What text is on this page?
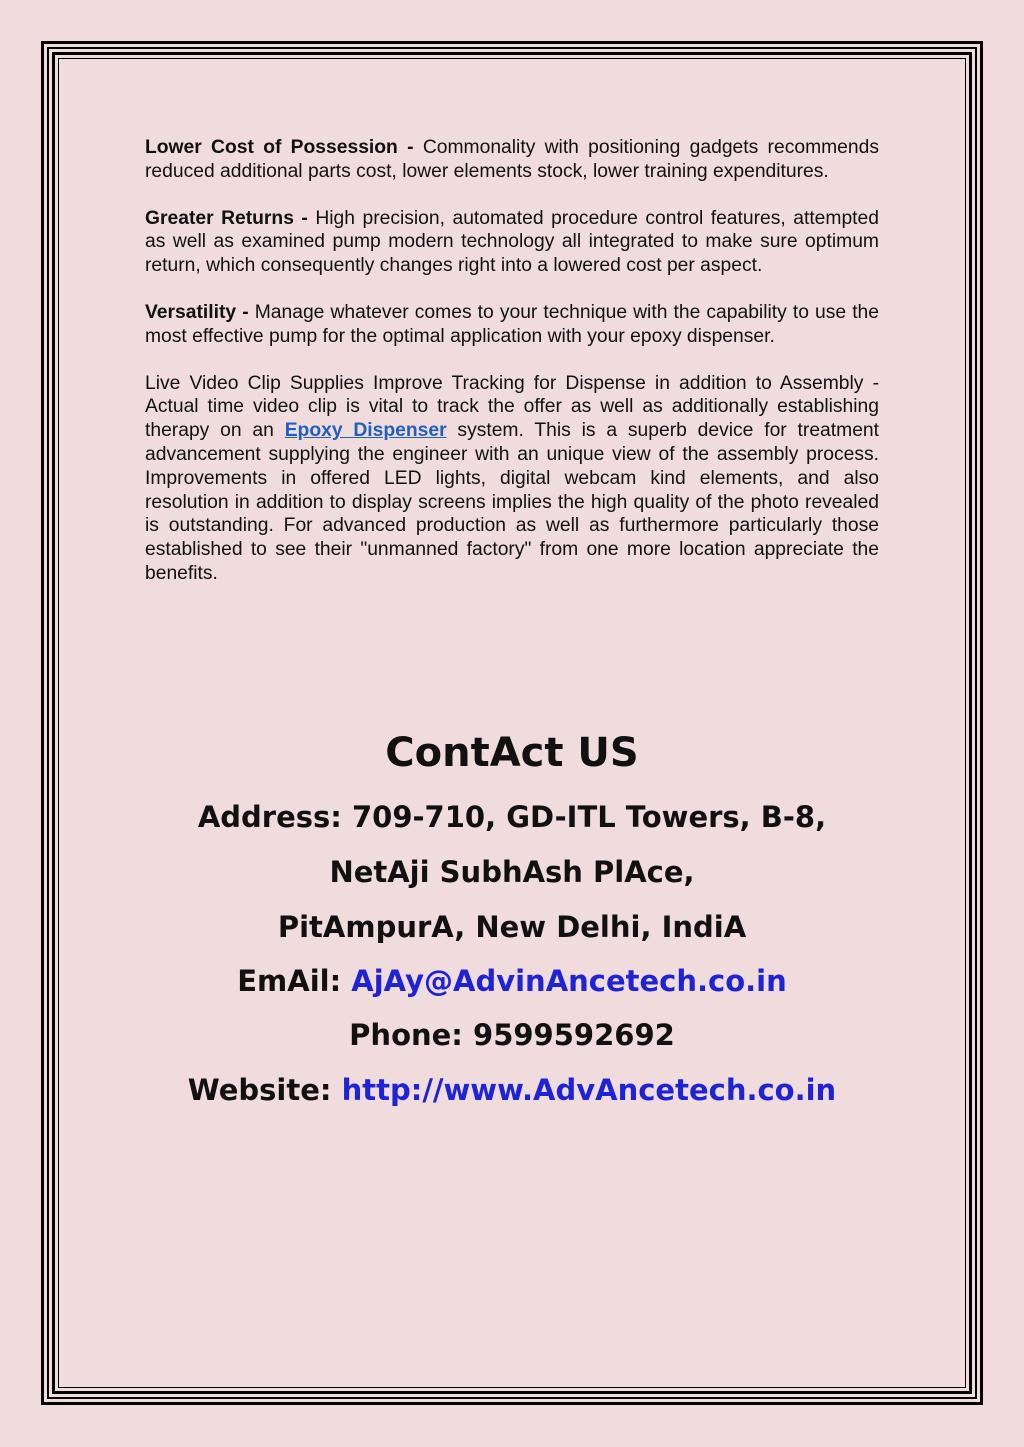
Lower Cost of Possession - Commonality with positioning gadgets recommends reduced additional parts cost, lower elements stock, lower training expenditures.

Greater Returns - High precision, automated procedure control features, attempted as well as examined pump modern technology all integrated to make sure optimum return, which consequently changes right into a lowered cost per aspect.

Versatility - Manage whatever comes to your technique with the capability to use the most effective pump for the optimal application with your epoxy dispenser.

Live Video Clip Supplies Improve Tracking for Dispense in addition to Assembly - Actual time video clip is vital to track the offer as well as additionally establishing therapy on an Epoxy Dispenser system. This is a superb device for treatment advancement supplying the engineer with an unique view of the assembly process. Improvements in offered LED lights, digital webcam kind elements, and also resolution in addition to display screens implies the high quality of the photo revealed is outstanding. For advanced production as well as furthermore particularly those established to see their "unmanned factory" from one more location appreciate the benefits.

ContAct US
Address: 709-710, GD-ITL Towers, B-8,
NetAji SubhAsh PlAce,
PitAmpurA, New Delhi, IndiA
EmAil: AjAy@AdvinAncetech.co.in
Phone: 9599592692
Website: http://www.AdvAncetech.co.in
